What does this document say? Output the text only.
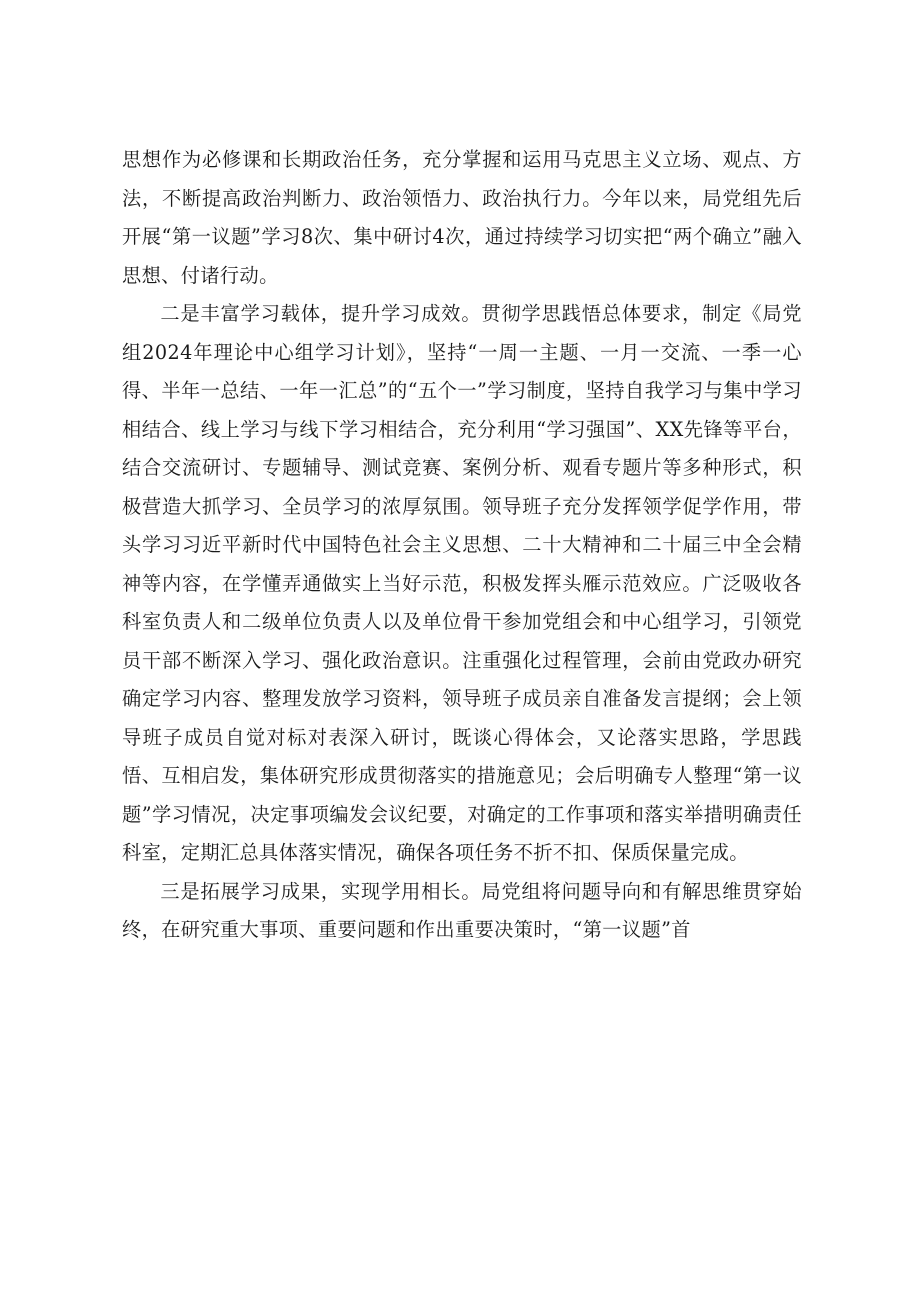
思想作为必修课和长期政治任务，充分掌握和运用马克思主义立场、观点、方法，不断提高政治判断力、政治领悟力、政治执行力。今年以来，局党组先后开展“第一议题”学习8次、集中研讨4次，通过持续学习切实把“两个确立”融入思想、付诸行动。

二是丰富学习载体，提升学习成效。贯彻学思践悟总体要求，制定《局党组2024年理论中心组学习计划》，坚持“一周一主题、一月一交流、一季一心得、半年一总结、一年一汇总”的“五个一”学习制度，坚持自我学习与集中学习相结合、线上学习与线下学习相结合，充分利用“学习强国”、XX先锋等平台，结合交流研讨、专题辅导、测试竞赛、案例分析、观看专题片等多种形式，积极营造大抓学习、全员学习的浓厚氛围。领导班子充分发挥领学促学作用，带头学习习近平新时代中国特色社会主义思想、二十大精神和二十届三中全会精神等内容，在学懂弄通做实上当好示范，积极发挥头雁示范效应。广泛吸收各科室负责人和二级单位负责人以及单位骨干参加党组会和中心组学习，引领党员干部不断深入学习、强化政治意识。注重强化过程管理，会前由党政办研究确定学习内容、整理发放学习资料，领导班子成员亲自准备发言提纲；会上领导班子成员自觉对标对表深入研讨，既谈心得体会，又论落实思路，学思践悟、互相启发，集体研究形成贯彻落实的措施意见；会后明确专人整理“第一议题”学习情况，决定事项编发会议纪要，对确定的工作事项和落实举措明确责任科室，定期汇总具体落实情况，确保各项任务不折不扣、保质保量完成。

三是拓展学习成果，实现学用相长。局党组将问题导向和有解思维贯穿始终，在研究重大事项、重要问题和作出重要决策时，“第一议题”首
